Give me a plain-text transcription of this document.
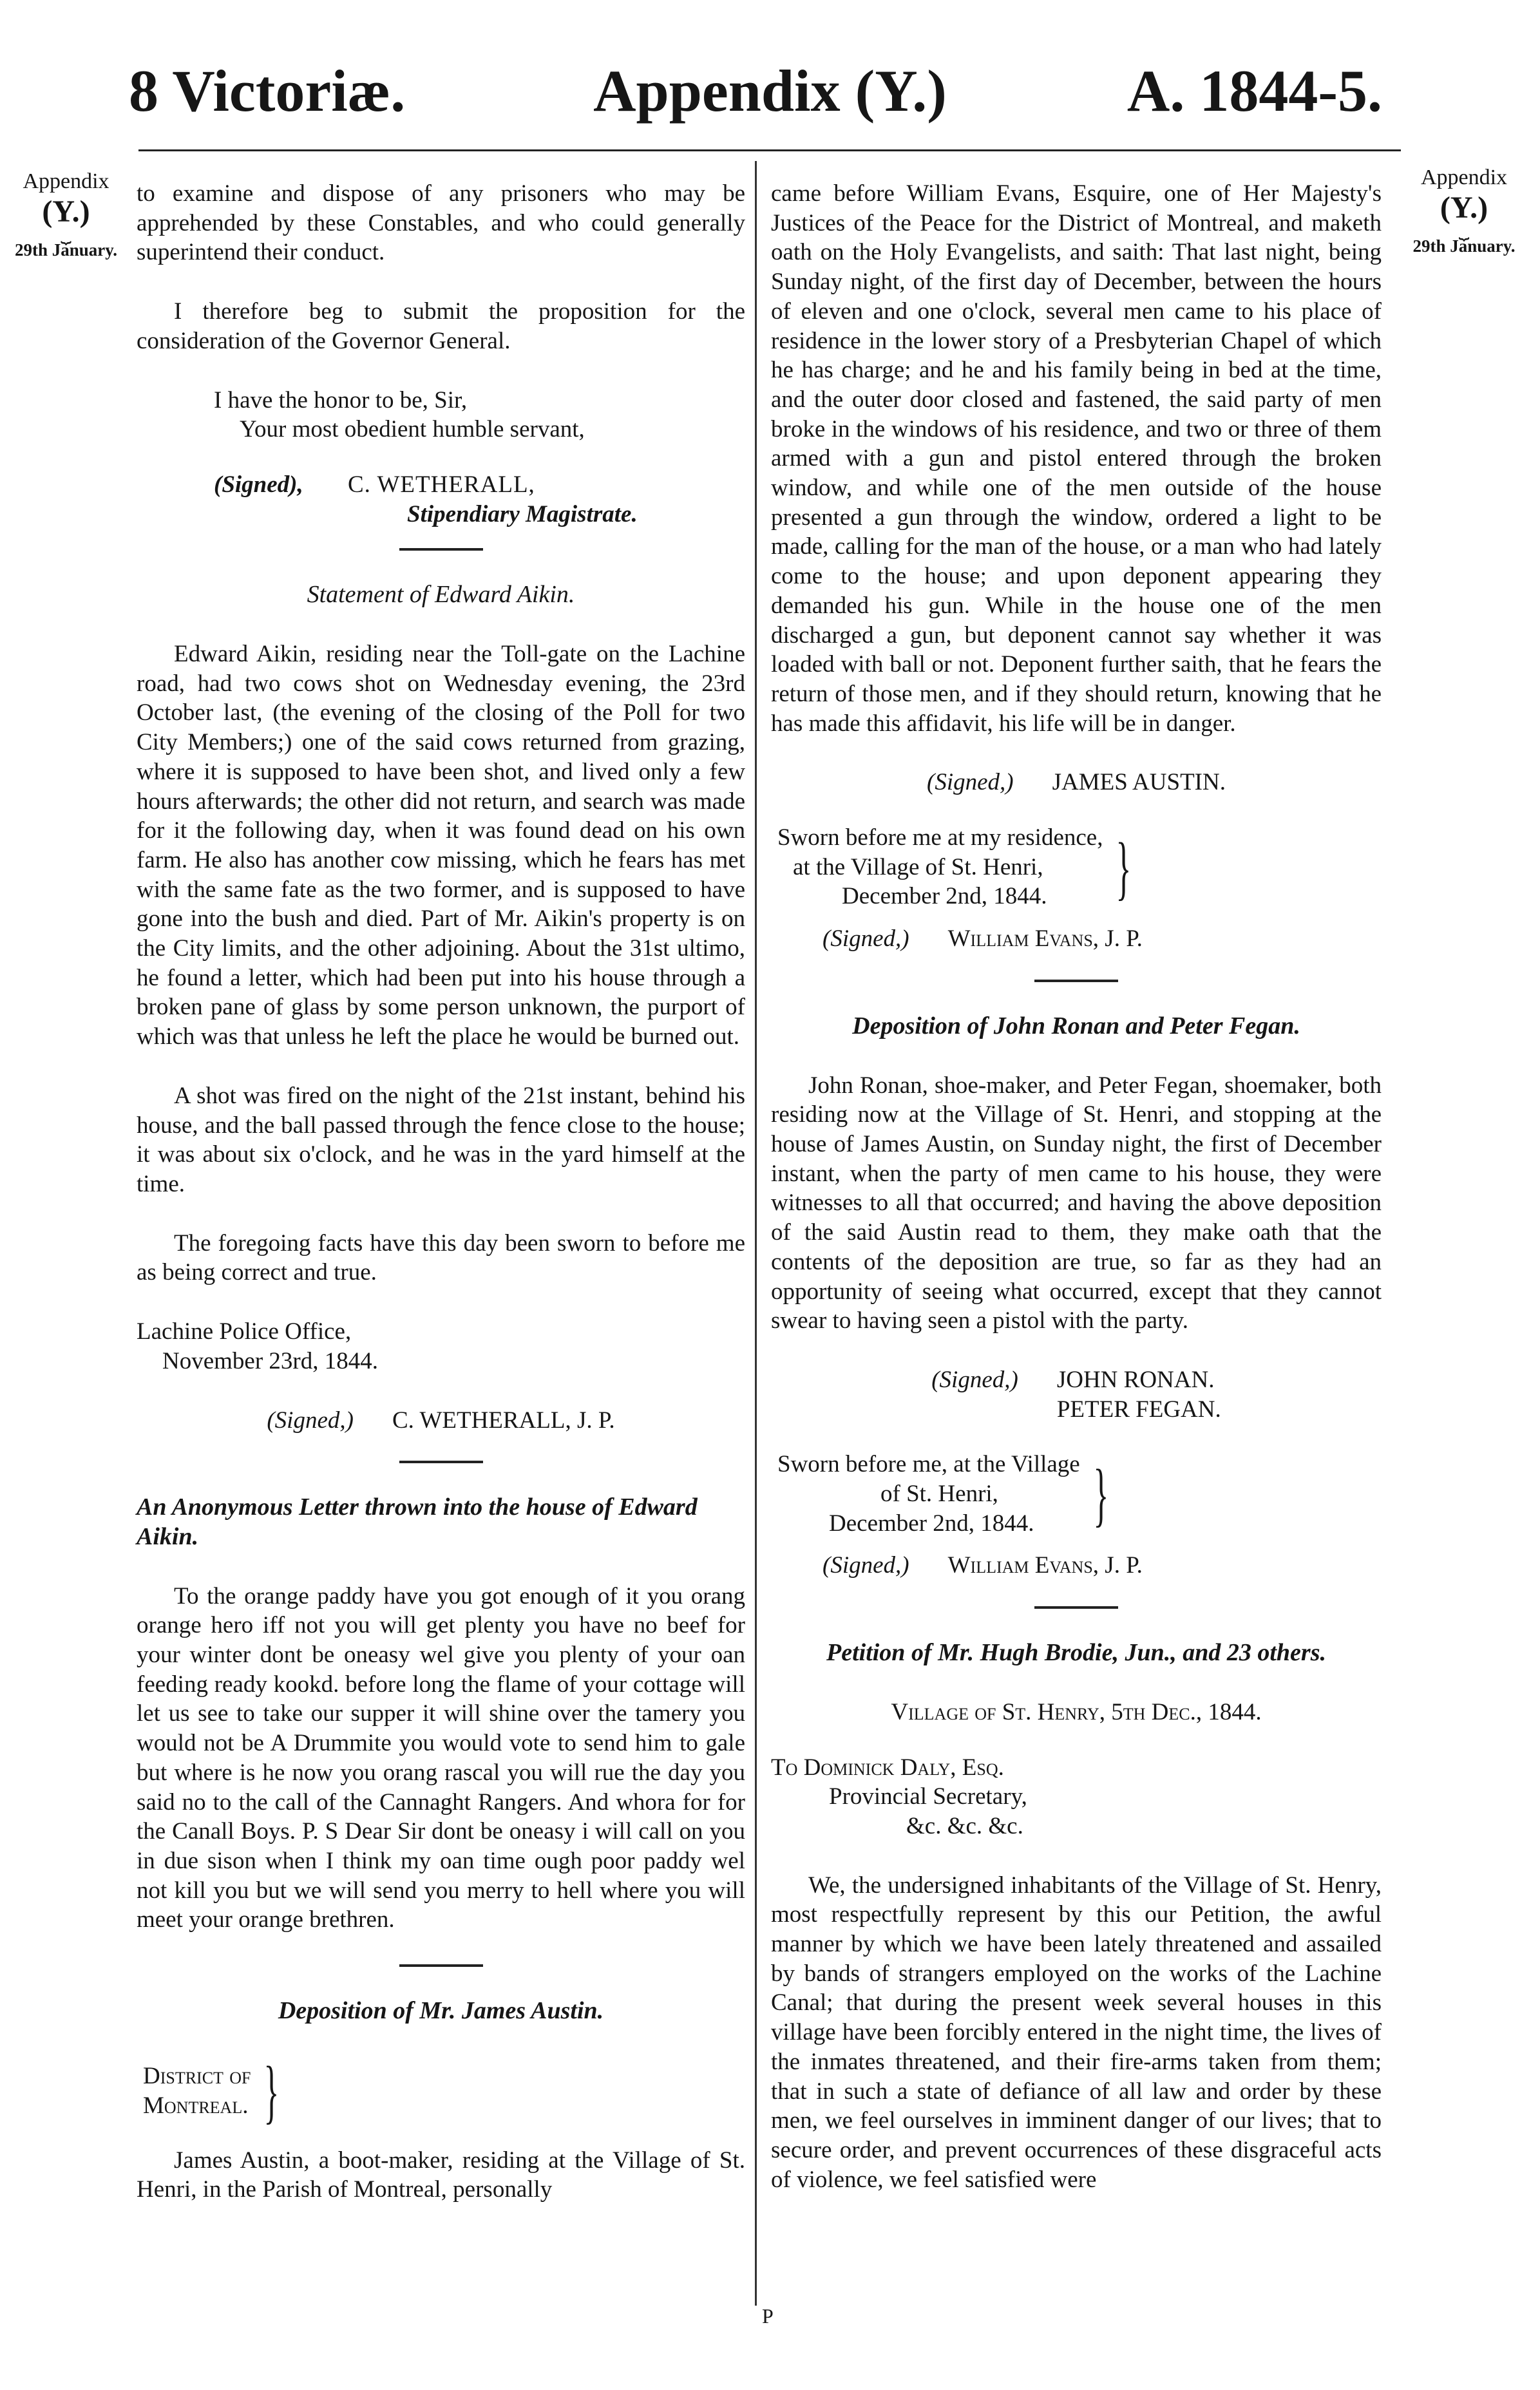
8 Victoriæ.	Appendix (Y.)	A. 1844-5.
Appendix
(Y.)
⏟
29th January.
Appendix
(Y.)
⏟
29th January.

to examine and dispose of any prisoners who may be apprehended by these Constables, and who could generally superintend their conduct.

I therefore beg to submit the proposition for the consideration of the Governor General.

I have the honor to be, Sir,
Your most obedient humble servant,
(Signed), C. WETHERALL,
Stipendiary Magistrate.
Statement of Edward Aikin.

Edward Aikin, residing near the Toll-gate on the Lachine road, had two cows shot on Wednesday evening, the 23rd October last, (the evening of the closing of the Poll for two City Members;) one of the said cows returned from grazing, where it is supposed to have been shot, and lived only a few hours afterwards; the other did not return, and search was made for it the following day, when it was found dead on his own farm. He also has another cow missing, which he fears has met with the same fate as the two former, and is supposed to have gone into the bush and died. Part of Mr. Aikin's property is on the City limits, and the other adjoining. About the 31st ultimo, he found a letter, which had been put into his house through a broken pane of glass by some person unknown, the purport of which was that unless he left the place he would be burned out.

A shot was fired on the night of the 21st instant, behind his house, and the ball passed through the fence close to the house; it was about six o'clock, and he was in the yard himself at the time.

The foregoing facts have this day been sworn to before me as being correct and true.

Lachine Police Office,
November 23rd, 1844.
(Signed,) C. WETHERALL, J. P.
An Anonymous Letter thrown into the house of Edward Aikin.

To the orange paddy have you got enough of it you orang orange hero iff not you will get plenty you have no beef for your winter dont be oneasy wel give you plenty of your oan feeding ready kookd. before long the flame of your cottage will let us see to take our supper it will shine over the tamery you would not be A Drummite you would vote to send him to gale but where is he now you orang rascal you will rue the day you said no to the call of the Cannaght Rangers. And whora for for the Canall Boys. P. S Dear Sir dont be oneasy i will call on you in due sison when I think my oan time ough poor paddy wel not kill you but we will send you merry to hell where you will meet your orange brethren.

Deposition of Mr. James Austin.
District of
Montreal. }

James Austin, a boot-maker, residing at the Village of St. Henri, in the Parish of Montreal, personally

came before William Evans, Esquire, one of Her Majesty's Justices of the Peace for the District of Montreal, and maketh oath on the Holy Evangelists, and saith: That last night, being Sunday night, of the first day of December, between the hours of eleven and one o'clock, several men came to his place of residence in the lower story of a Presbyterian Chapel of which he has charge; and he and his family being in bed at the time, and the outer door closed and fastened, the said party of men broke in the windows of his residence, and two or three of them armed with a gun and pistol entered through the broken window, and while one of the men outside of the house presented a gun through the window, ordered a light to be made, calling for the man of the house, or a man who had lately come to the house; and upon deponent appearing they demanded his gun. While in the house one of the men discharged a gun, but deponent cannot say whether it was loaded with ball or not. Deponent further saith, that he fears the return of those men, and if they should return, knowing that he has made this affidavit, his life will be in danger.

(Signed,) JAMES AUSTIN.
Sworn before me at my residence,
at the Village of St. Henri,
December 2nd, 1844. }
(Signed,) William Evans, J. P.
Deposition of John Ronan and Peter Fegan.

John Ronan, shoe-maker, and Peter Fegan, shoemaker, both residing now at the Village of St. Henri, and stopping at the house of James Austin, on Sunday night, the first of December instant, when the party of men came to his house, they were witnesses to all that occurred; and having the above deposition of the said Austin read to them, they make oath that the contents of the deposition are true, so far as they had an opportunity of seeing what occurred, except that they cannot swear to having seen a pistol with the party.

(Signed,) JOHN RONAN.
PETER FEGAN.
Sworn before me, at the Village
of St. Henri,
December 2nd, 1844. }
(Signed,) William Evans, J. P.
Petition of Mr. Hugh Brodie, Jun., and 23 others.
Village of St. Henry, 5th Dec., 1844.
To Dominick Daly, Esq.
Provincial Secretary,
&c. &c. &c.

We, the undersigned inhabitants of the Village of St. Henry, most respectfully represent by this our Petition, the awful manner by which we have been lately threatened and assailed by bands of strangers employed on the works of the Lachine Canal; that during the present week several houses in this village have been forcibly entered in the night time, the lives of the inmates threatened, and their fire-arms taken from them; that in such a state of defiance of all law and order by these men, we feel ourselves in imminent danger of our lives; that to secure order, and prevent occurrences of these disgraceful acts of violence, we feel satisfied were

P
